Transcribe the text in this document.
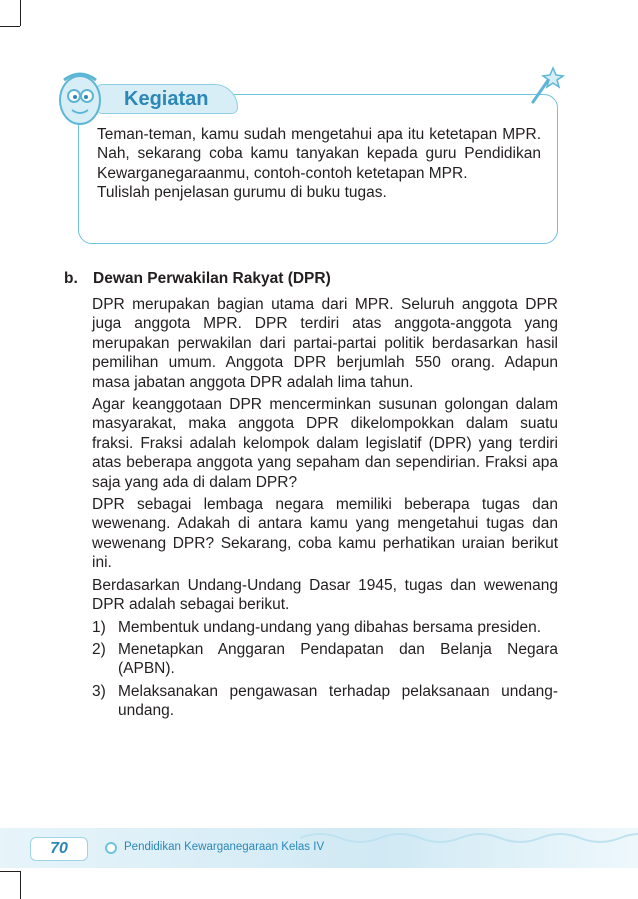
Kegiatan

Teman-teman, kamu sudah mengetahui apa itu ketetapan MPR. Nah, sekarang coba kamu tanyakan kepada guru Pendidikan Kewarganegaraanmu, contoh-contoh ketetapan MPR.

Tulislah penjelasan gurumu di buku tugas.

b. Dewan Perwakilan Rakyat (DPR)

DPR merupakan bagian utama dari MPR. Seluruh anggota DPR juga anggota MPR. DPR terdiri atas anggota-anggota yang merupakan perwakilan dari partai-partai politik berdasarkan hasil pemilihan umum. Anggota DPR berjumlah 550 orang. Adapun masa jabatan anggota DPR adalah lima tahun.

Agar keanggotaan DPR mencerminkan susunan golongan dalam masyarakat, maka anggota DPR dikelompokkan dalam suatu fraksi. Fraksi adalah kelompok dalam legislatif (DPR) yang terdiri atas beberapa anggota yang sepaham dan sependirian. Fraksi apa saja yang ada di dalam DPR?

DPR sebagai lembaga negara memiliki beberapa tugas dan wewenang. Adakah di antara kamu yang mengetahui tugas dan wewenang DPR? Sekarang, coba kamu perhatikan uraian berikut ini.

Berdasarkan Undang-Undang Dasar 1945, tugas dan wewenang DPR adalah sebagai berikut.

1) Membentuk undang-undang yang dibahas bersama presiden.
2) Menetapkan Anggaran Pendapatan dan Belanja Negara (APBN).
3) Melaksanakan pengawasan terhadap pelaksanaan undang-undang.
70	Pendidikan Kewarganegaraan Kelas IV
